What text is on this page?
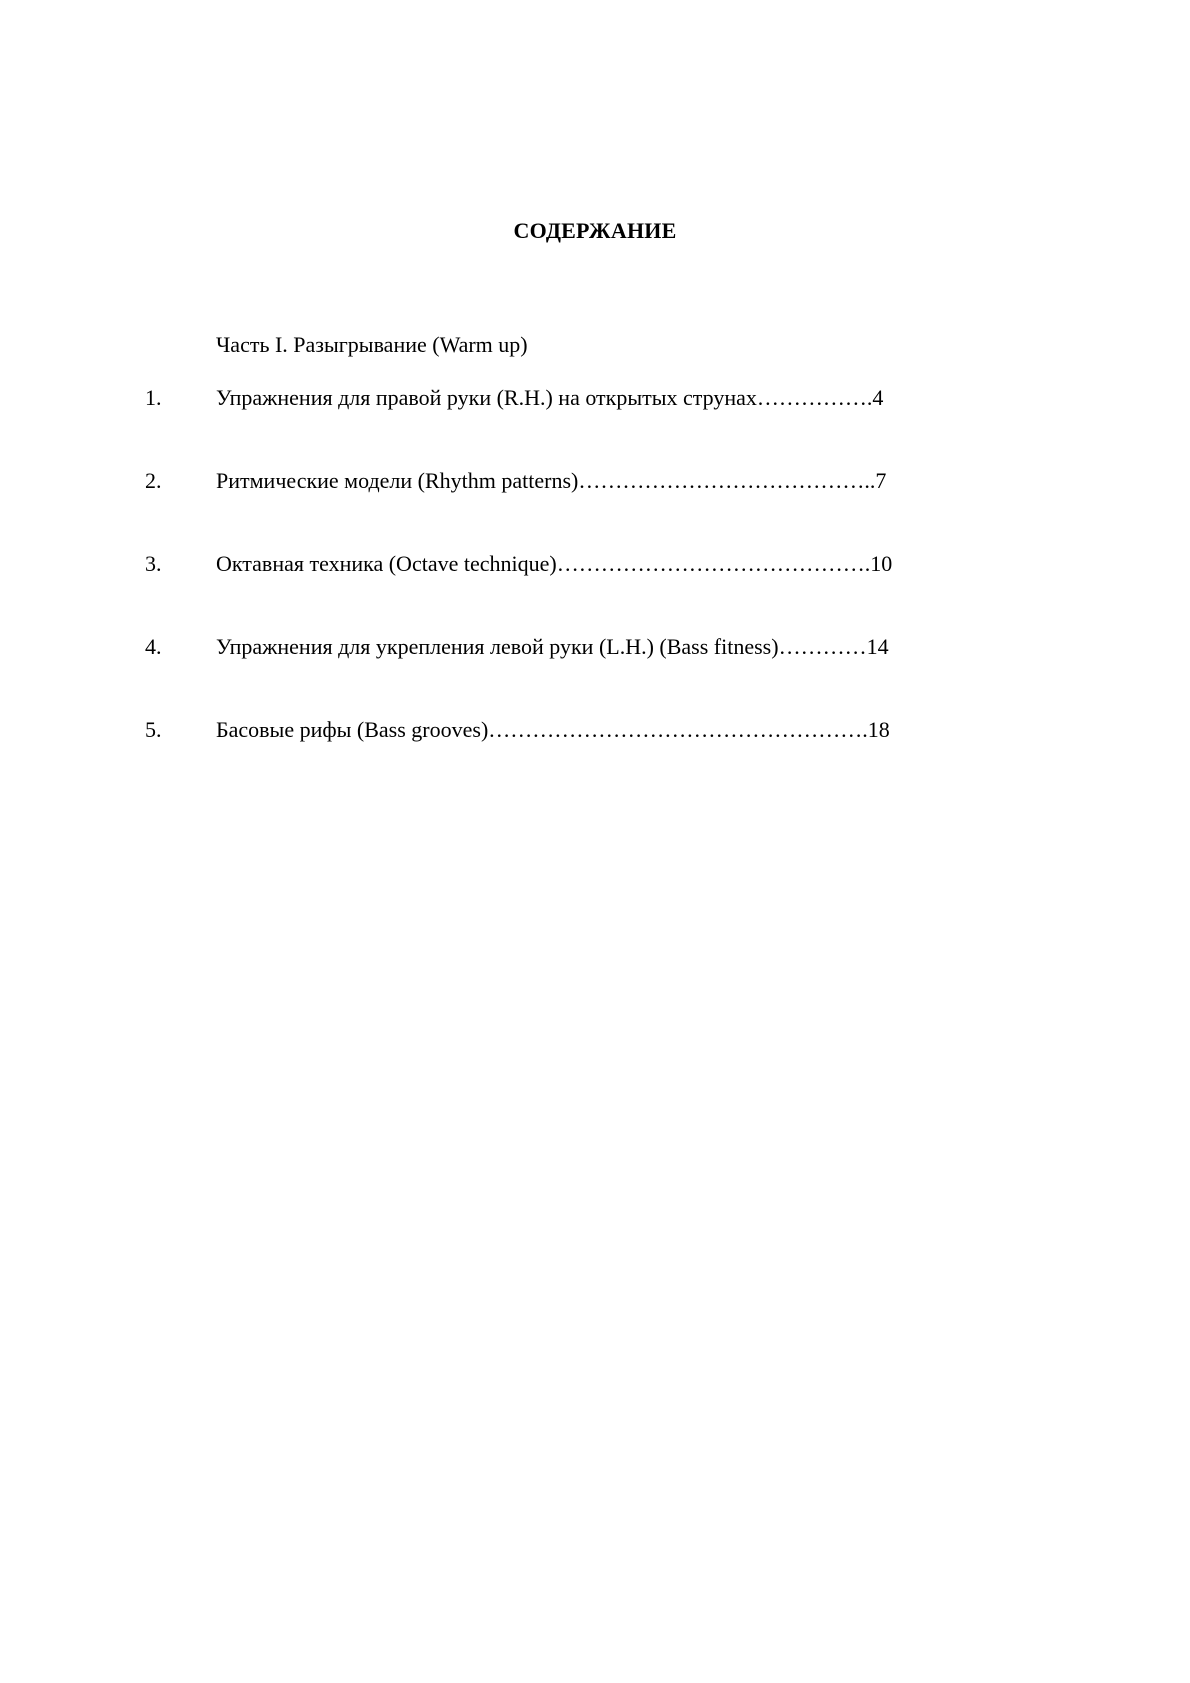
СОДЕРЖАНИЕ
Часть I. Разыгрывание (Warm up)
1. Упражнения для правой руки (R.H.) на открытых струнах…………….4
2. Ритмические модели (Rhythm patterns)…………………………………..7
3. Октавная техника (Octave technique)…………………………………….10
4. Упражнения для укрепления левой руки (L.H.) (Bass fitness)…………14
5. Басовые рифы (Bass grooves)…………………………………………….18
